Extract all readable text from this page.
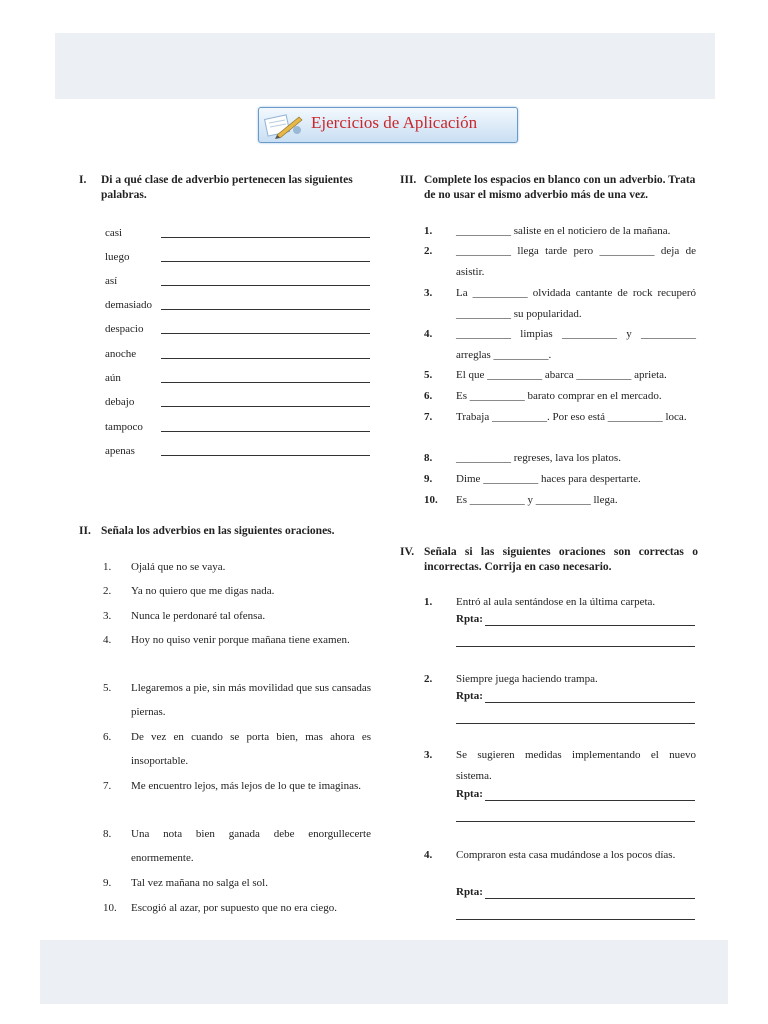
Ejercicios de Aplicación
I. Di a qué clase de adverbio pertenecen las siguientes palabras.
casi
luego
así
demasiado
despacio
anoche
aún
debajo
tampoco
apenas
II. Señala los adverbios en las siguientes oraciones.
1. Ojalá que no se vaya.
2. Ya no quiero que me digas nada.
3. Nunca le perdonaré tal ofensa.
4. Hoy no quiso venir porque mañana tiene examen.
5. Llegaremos a pie, sin más movilidad que sus cansadas piernas.
6. De vez en cuando se porta bien, mas ahora es insoportable.
7. Me encuentro lejos, más lejos de lo que te imaginas.
8. Una nota bien ganada debe enorgullecerte enormemente.
9. Tal vez mañana no salga el sol.
10. Escogió al azar, por supuesto que no era ciego.
III. Complete los espacios en blanco con un adverbio. Trata de no usar el mismo adverbio más de una vez.
1. __________ saliste en el noticiero de la mañana.
2. __________ llega tarde pero __________ deja de asistir.
3. La __________ olvidada cantante de rock recuperó __________ su popularidad.
4. __________ limpias __________ y __________ arreglas __________.
5. El que __________ abarca __________ aprieta.
6. Es __________ barato comprar en el mercado.
7. Trabaja __________. Por eso está __________ loca.
8. __________ regreses, lava los platos.
9. Dime __________ haces para despertarte.
10. Es __________ y __________ llega.
IV. Señala si las siguientes oraciones son correctas o incorrectas. Corrija en caso necesario.
1. Entró al aula sentándose en la última carpeta.
Rpta:
2. Siempre juega haciendo trampa.
Rpta:
3. Se sugieren medidas implementando el nuevo sistema.
Rpta:
4. Compraron esta casa mudándose a los pocos días.
Rpta:
